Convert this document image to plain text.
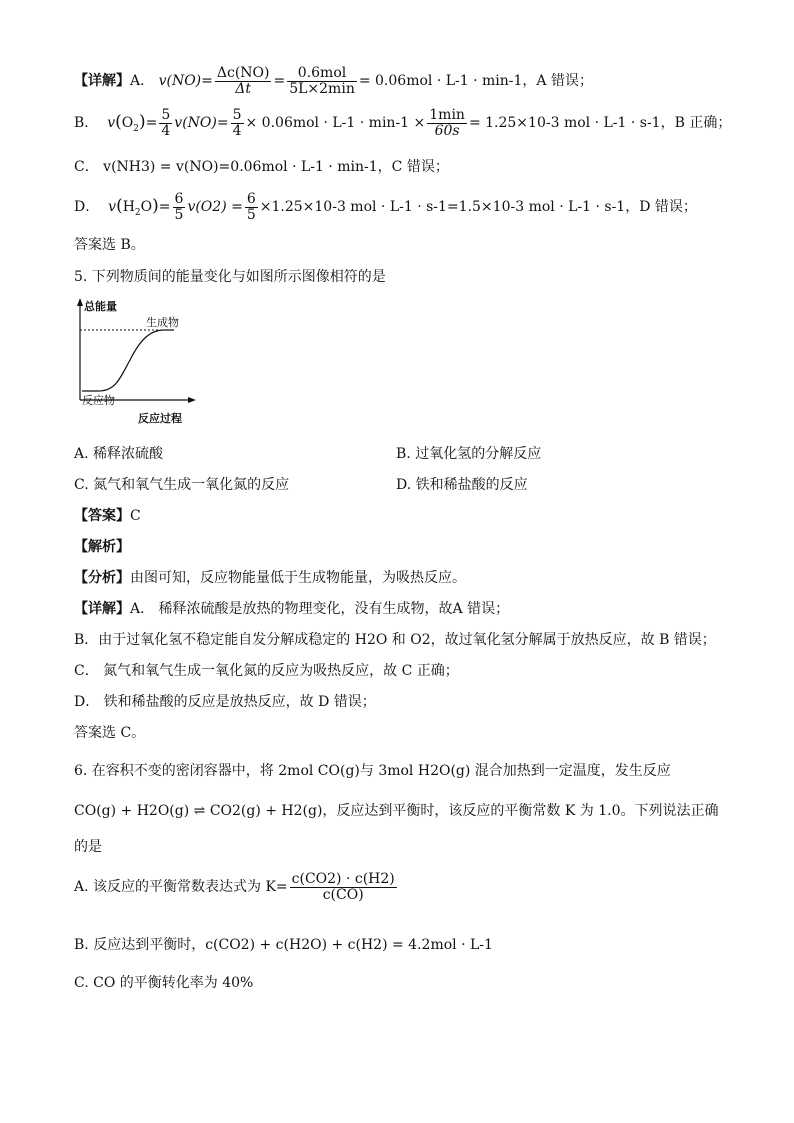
【详解】A． $v(NO)= \frac{\Delta c(NO)}{\Delta t} = \frac{\text{0.6mol}}{5L\times 2\min} = 0.06mol \cdot L-1 \cdot \min-1$，A 错误；
B． $v(O_2)= \frac{5}{4} v(NO)= \frac{5}{4} \times 0.06mol \cdot L-1 \cdot \min-1 \times \frac{1\min}{60s} = 1.25\times 10-3$ mol · L-1 · s-1，B 正确；
C． v(NH3) = v(NO)=0.06mol · L-1 · min-1，C 错误；
D． $v(H_2O)= \frac{6}{5} v(O2) = \frac{6}{5} \times 1.25\times 10-3$ mol · L-1 · s-1=1.5×10-3 mol · L-1 · s-1，D 错误；
答案选 B。
5. 下列物质间的能量变化与如图所示图像相符的是
总能量
生成物
反应物
反应过程
A. 稀释浓硫酸	B. 过氧化氢的分解反应
C. 氮气和氧气生成一氧化氮的反应	D. 铁和稀盐酸的反应
【答案】C
【解析】
【分析】由图可知，反应物能量低于生成物能量，为吸热反应。
【详解】A． 稀释浓硫酸是放热的物理变化，没有生成物，故A 错误；
B．由于过氧化氢不稳定能自发分解成稳定的 H2O 和 O2，故过氧化氢分解属于放热反应，故 B 错误；
C． 氮气和氧气生成一氧化氮的反应为吸热反应，故 C 正确；
D． 铁和稀盐酸的反应是放热反应，故 D 错误；
答案选 C。
6. 在容积不变的密闭容器中，将 2mol CO(g)与 3mol H2O(g) 混合加热到一定温度，发生反应
CO(g) + H2O(g) ⇌ CO2(g) + H2(g)，反应达到平衡时，该反应的平衡常数 K 为 1.0。下列说法正确
的是
A. 该反应的平衡常数表达式为 $K= \frac{c(CO2) \cdot c(H2)}{c(CO)}$
B. 反应达到平衡时，c(CO2) + c(H2O) + c(H2) = 4.2mol · L-1
C. CO 的平衡转化率为 40%
